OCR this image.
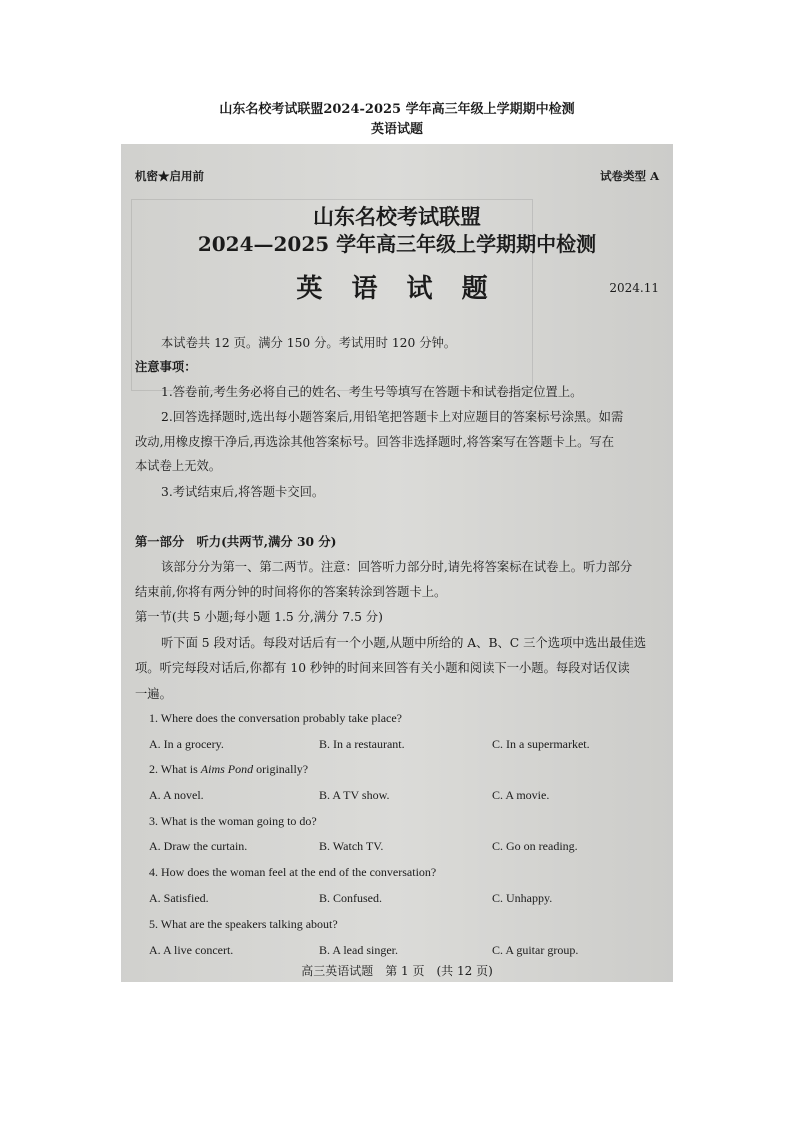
山东名校考试联盟2024-2025 学年高三年级上学期期中检测
英语试题
机密★启用前	试卷类型 A
山东名校考试联盟
2024—2025 学年高三年级上学期期中检测
英 语 试 题	2024.11
本试卷共 12 页。满分 150 分。考试用时 120 分钟。
注意事项：
1.答卷前,考生务必将自己的姓名、考生号等填写在答题卡和试卷指定位置上。
2.回答选择题时,选出每小题答案后,用铅笔把答题卡上对应题目的答案标号涂黑。如需
改动,用橡皮擦干净后,再选涂其他答案标号。回答非选择题时,将答案写在答题卡上。写在
本试卷上无效。
3.考试结束后,将答题卡交回。
第一部分　听力(共两节,满分 30 分)
该部分分为第一、第二两节。注意：回答听力部分时,请先将答案标在试卷上。听力部分
结束前,你将有两分钟的时间将你的答案转涂到答题卡上。
第一节(共 5 小题;每小题 1.5 分,满分 7.5 分)
听下面 5 段对话。每段对话后有一个小题,从题中所给的 A、B、C 三个选项中选出最佳选
项。听完每段对话后,你都有 10 秒钟的时间来回答有关小题和阅读下一小题。每段对话仅读
一遍。
1. Where does the conversation probably take place?
A. In a grocery.	B. In a restaurant.	C. In a supermarket.
2. What is Aims Pond originally?
A. A novel.	B. A TV show.	C. A movie.
3. What is the woman going to do?
A. Draw the curtain.	B. Watch TV.	C. Go on reading.
4. How does the woman feel at the end of the conversation?
A. Satisfied.	B. Confused.	C. Unhappy.
5. What are the speakers talking about?
A. A live concert.	B. A lead singer.	C. A guitar group.
高三英语试题　第 1 页　(共 12 页)
